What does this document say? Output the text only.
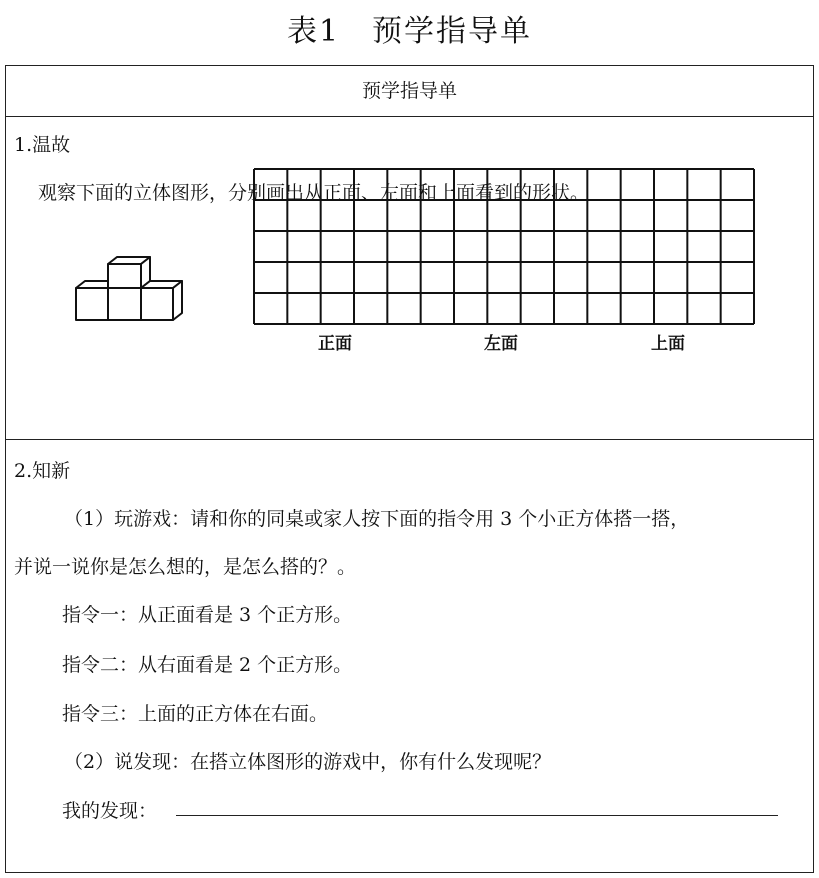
表1　预学指导单
预学指导单
1.温故
观察下面的立体图形，分别画出从正面、左面和上面看到的形状。
正面	左面	上面
2.知新
（1）玩游戏：请和你的同桌或家人按下面的指令用 3 个小正方体搭一搭，
并说一说你是怎么想的，是怎么搭的？。
指令一：从正面看是 3 个正方形。
指令二：从右面看是 2 个正方形。
指令三：上面的正方体在右面。
（2）说发现：在搭立体图形的游戏中，你有什么发现呢？
我的发现：
